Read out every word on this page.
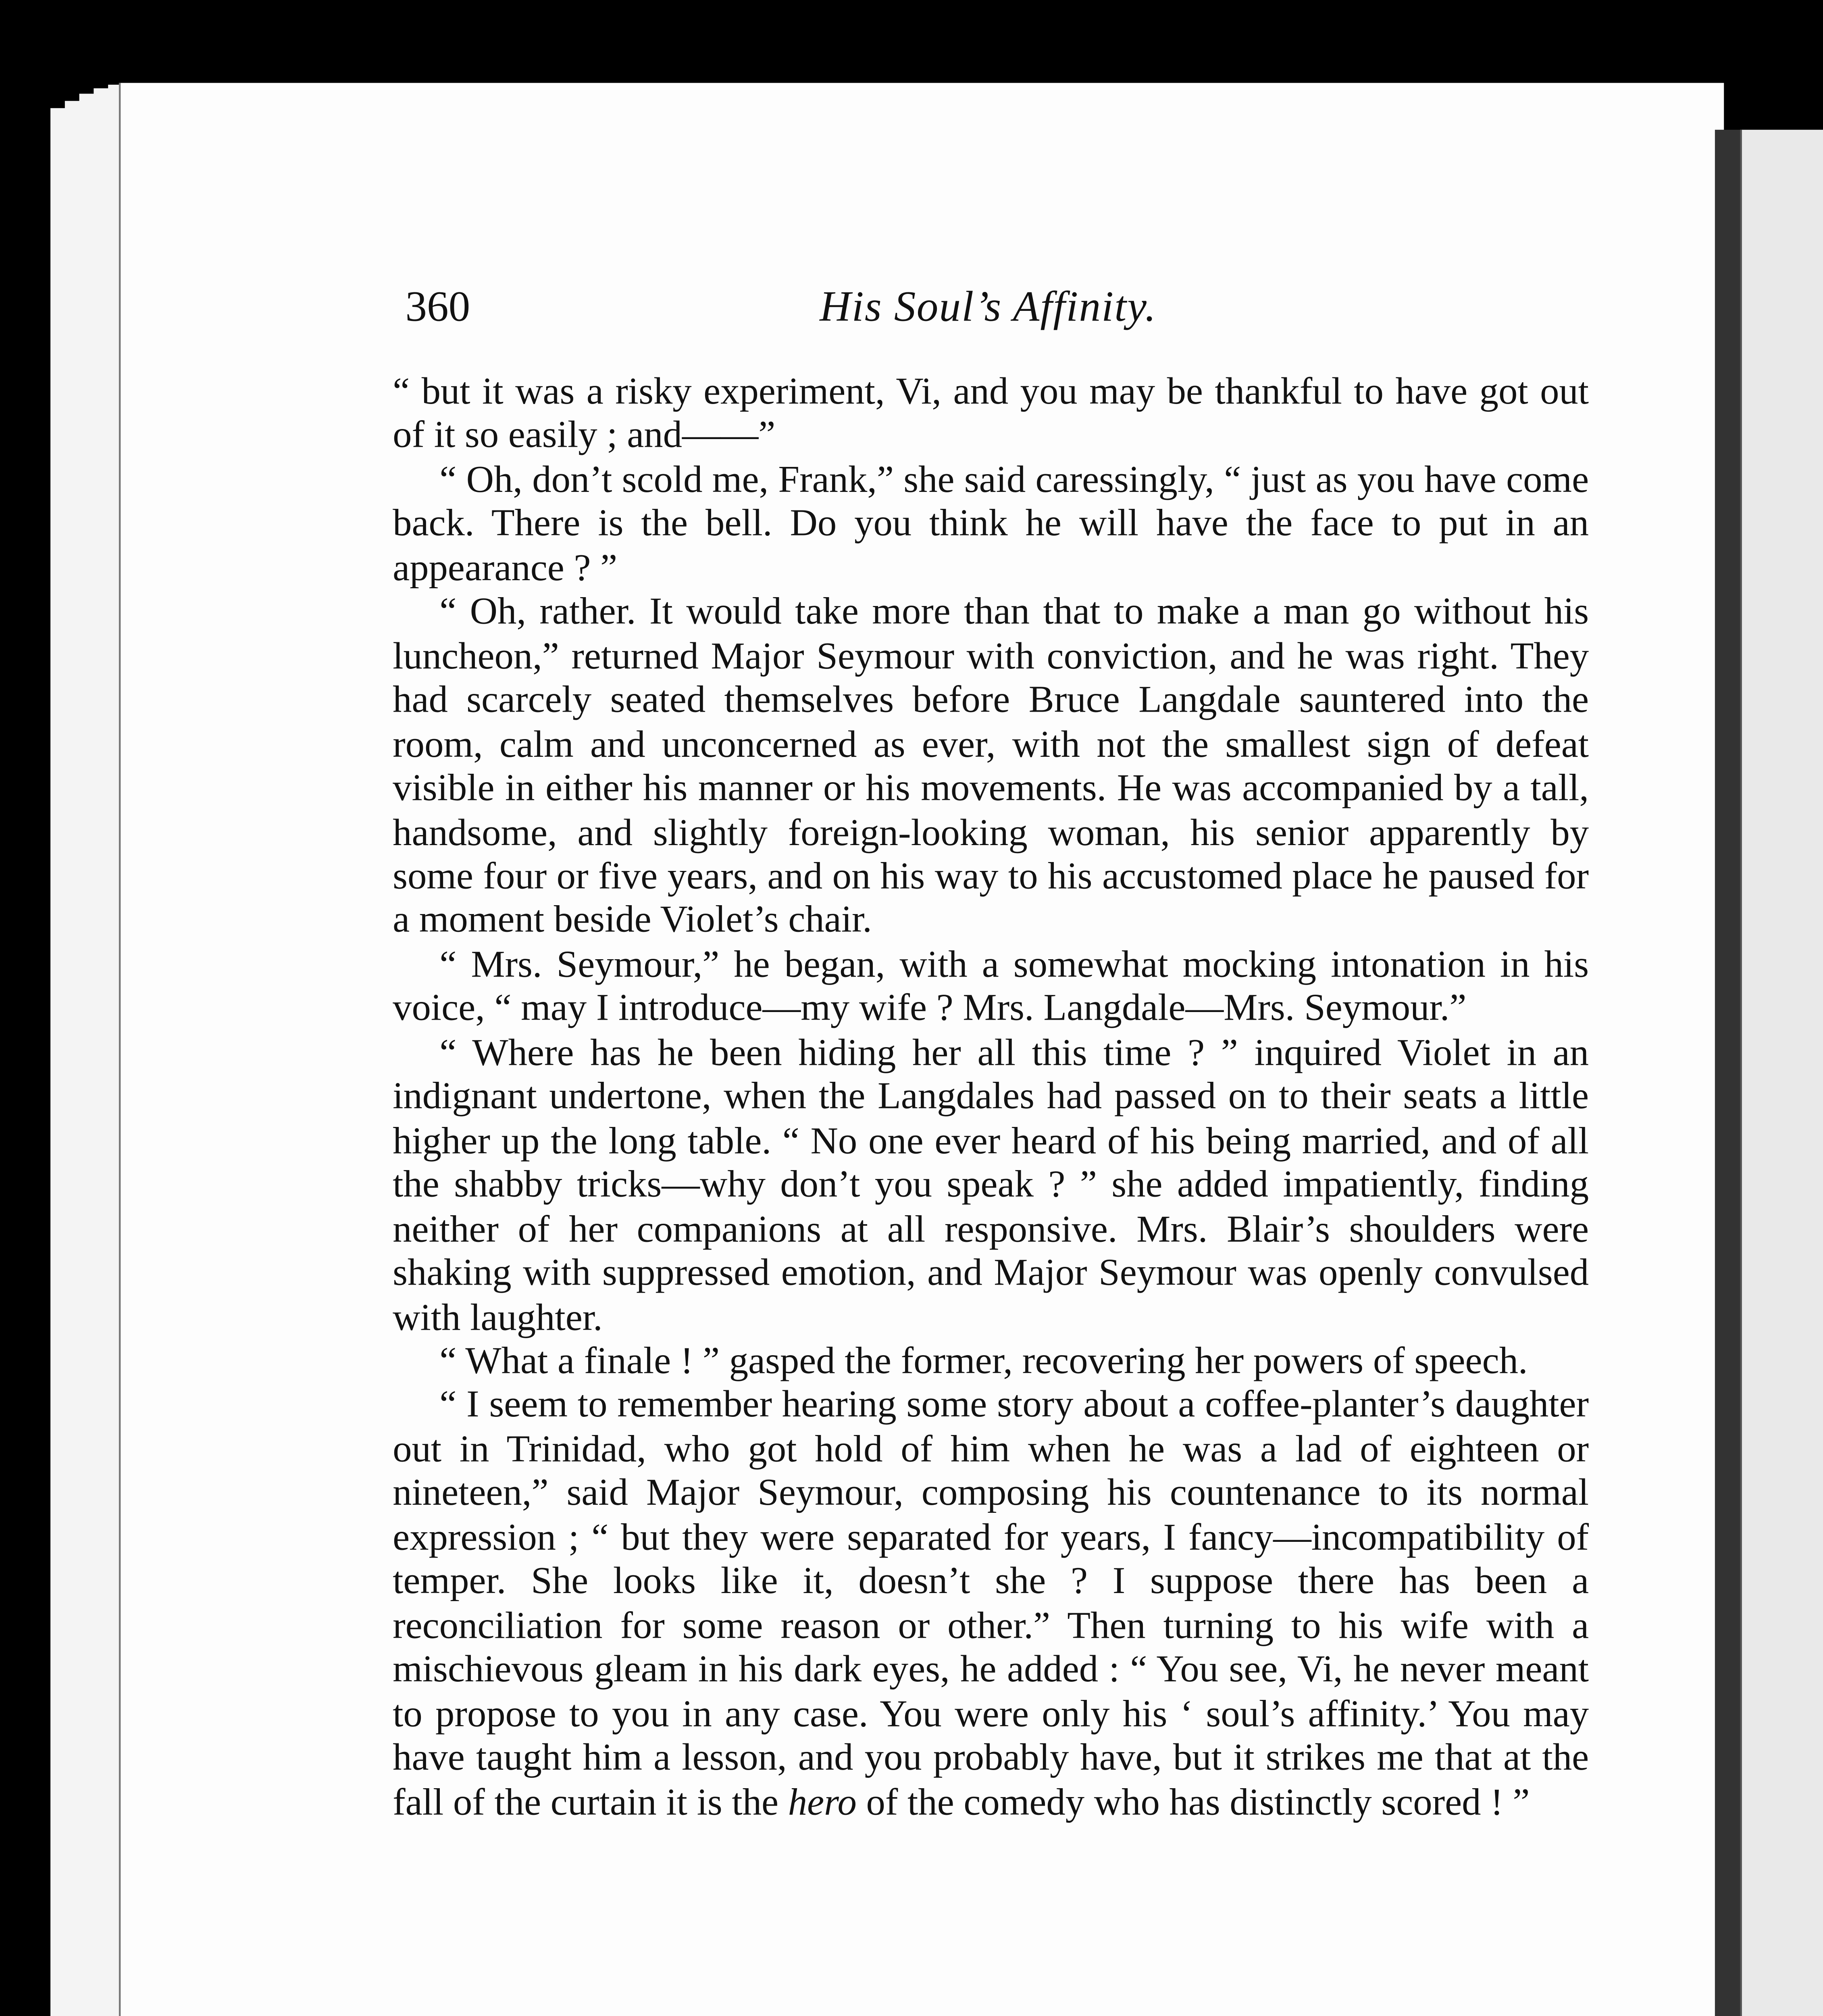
360	His Soul’s Affinity.

“ but it was a risky experiment, Vi, and you may be thankful to have got out of it so easily ; and——”

“ Oh, don’t scold me, Frank,” she said caressingly, “ just as you have come back. There is the bell. Do you think he will have the face to put in an appearance ? ”

“ Oh, rather. It would take more than that to make a man go without his luncheon,” returned Major Seymour with conviction, and he was right. They had scarcely seated themselves before Bruce Langdale sauntered into the room, calm and unconcerned as ever, with not the smallest sign of defeat visible in either his manner or his movements. He was accompanied by a tall, handsome, and slightly foreign-looking woman, his senior apparently by some four or five years, and on his way to his accustomed place he paused for a moment beside Violet’s chair.

“ Mrs. Seymour,” he began, with a somewhat mocking intonation in his voice, “ may I introduce—my wife ? Mrs. Langdale—Mrs. Seymour.”

“ Where has he been hiding her all this time ? ” inquired Violet in an indignant undertone, when the Langdales had passed on to their seats a little higher up the long table. “ No one ever heard of his being married, and of all the shabby tricks—why don’t you speak ? ” she added impatiently, finding neither of her companions at all responsive. Mrs. Blair’s shoulders were shaking with suppressed emotion, and Major Seymour was openly convulsed with laughter.

“ What a finale ! ” gasped the former, recovering her powers of speech.

“ I seem to remember hearing some story about a coffee-planter’s daughter out in Trinidad, who got hold of him when he was a lad of eighteen or nineteen,” said Major Seymour, composing his countenance to its normal expression ; “ but they were separated for years, I fancy—incompatibility of temper. She looks like it, doesn’t she ? I suppose there has been a reconciliation for some reason or other.” Then turning to his wife with a mischievous gleam in his dark eyes, he added : “ You see, Vi, he never meant to propose to you in any case. You were only his ‘ soul’s affinity.’ You may have taught him a lesson, and you probably have, but it strikes me that at the fall of the curtain it is the hero of the comedy who has distinctly scored ! ”
